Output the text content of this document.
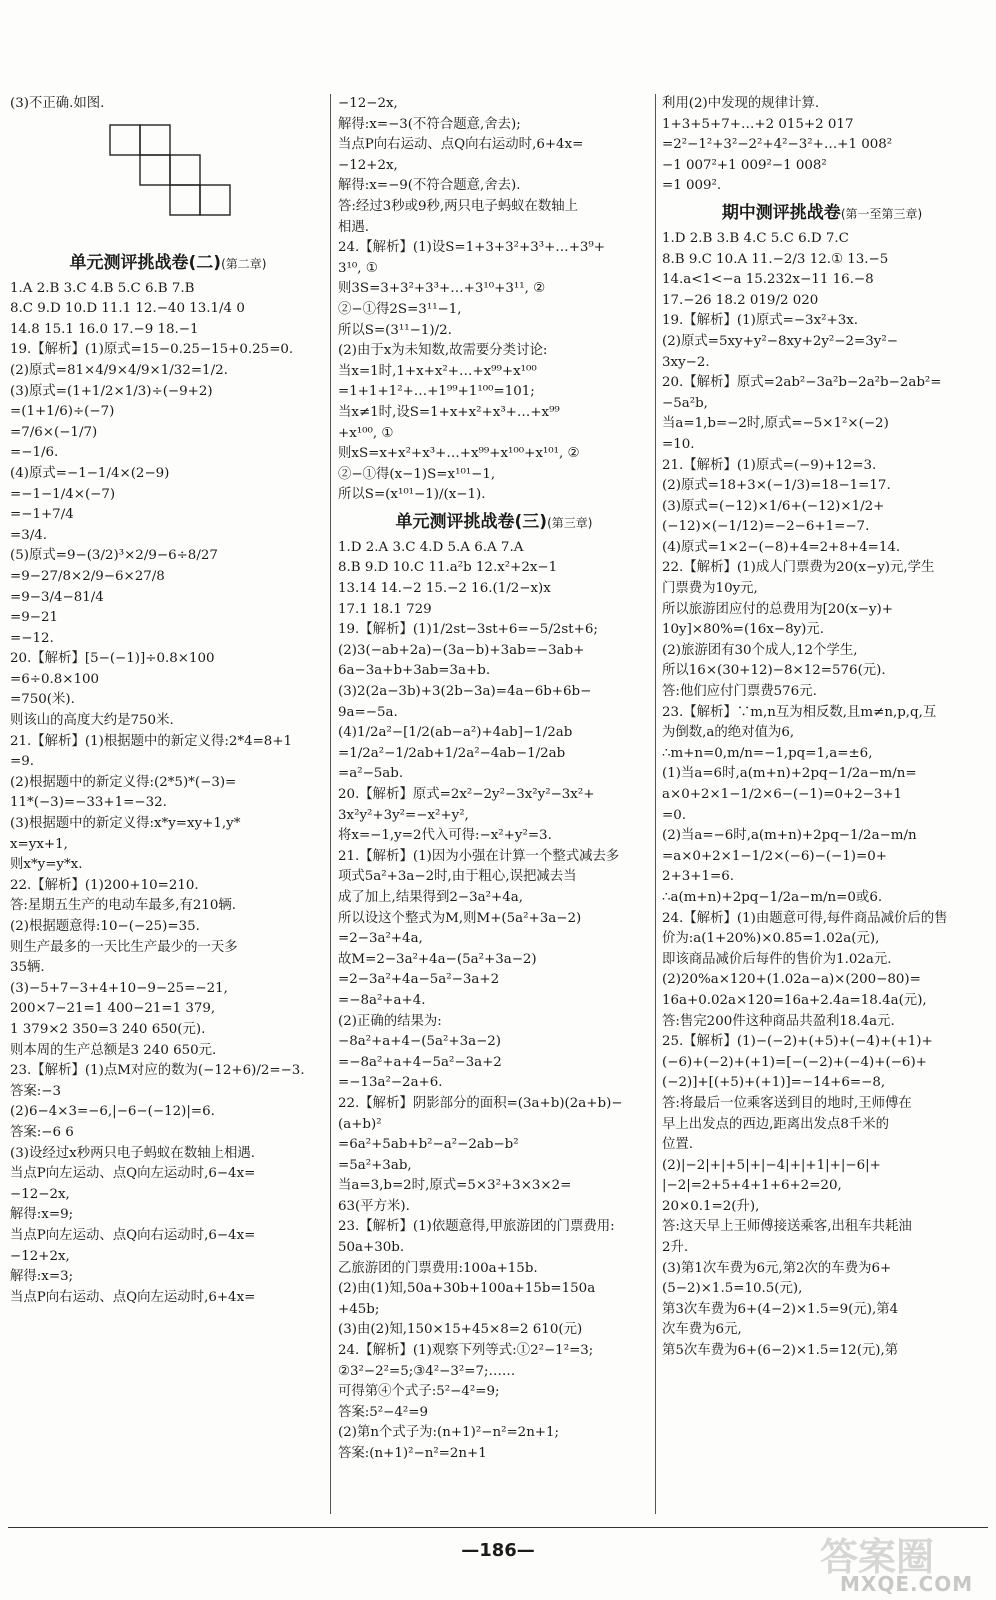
(3)不正确.如图.
单元测评挑战卷(二)(第二章)
1.A 2.B 3.C 4.B 5.C 6.B 7.B
8.C 9.D 10.D 11.1 12.−40 13.1/4 0
14.8 15.1 16.0 17.−9 18.−1
19.【解析】(1)原式=15−0.25−15+0.25=0.
(2)原式=81×4/9×4/9×1/32=1/2.
(3)原式=(1+1/2×1/3)÷(−9+2)
=(1+1/6)÷(−7)
=7/6×(−1/7)
=−1/6.
(4)原式=−1−1/4×(2−9)
=−1−1/4×(−7)
=−1+7/4
=3/4.
(5)原式=9−(3/2)³×2/9−6÷8/27
=9−27/8×2/9−6×27/8
=9−3/4−81/4
=9−21
=−12.
20.【解析】[5−(−1)]÷0.8×100
=6÷0.8×100
=750(米).
则该山的高度大约是750米.
21.【解析】(1)根据题中的新定义得:2*4=8+1
=9.
(2)根据题中的新定义得:(2*5)*(−3)=
11*(−3)=−33+1=−32.
(3)根据题中的新定义得:x*y=xy+1,y*
x=yx+1,
则x*y=y*x.
22.【解析】(1)200+10=210.
答:星期五生产的电动车最多,有210辆.
(2)根据题意得:10−(−25)=35.
则生产最多的一天比生产最少的一天多
35辆.
(3)−5+7−3+4+10−9−25=−21,
200×7−21=1 400−21=1 379,
1 379×2 350=3 240 650(元).
则本周的生产总额是3 240 650元.
23.【解析】(1)点M对应的数为(−12+6)/2=−3.
答案:−3
(2)6−4×3=−6,|−6−(−12)|=6.
答案:−6 6
(3)设经过x秒两只电子蚂蚁在数轴上相遇.
当点P向左运动、点Q向左运动时,6−4x=
−12−2x,
解得:x=9;
当点P向左运动、点Q向右运动时,6−4x=
−12+2x,
解得:x=3;
当点P向右运动、点Q向左运动时,6+4x=
−12−2x,
解得:x=−3(不符合题意,舍去);
当点P向右运动、点Q向右运动时,6+4x=
−12+2x,
解得:x=−9(不符合题意,舍去).
答:经过3秒或9秒,两只电子蚂蚁在数轴上
相遇.
24.【解析】(1)设S=1+3+3²+3³+…+3⁹+
3¹⁰, ①
则3S=3+3²+3³+…+3¹⁰+3¹¹, ②
②−①得2S=3¹¹−1,
所以S=(3¹¹−1)/2.
(2)由于x为未知数,故需要分类讨论:
当x=1时,1+x+x²+…+x⁹⁹+x¹⁰⁰
=1+1+1²+…+1⁹⁹+1¹⁰⁰=101;
当x≠1时,设S=1+x+x²+x³+…+x⁹⁹
+x¹⁰⁰, ①
则xS=x+x²+x³+…+x⁹⁹+x¹⁰⁰+x¹⁰¹, ②
②−①得(x−1)S=x¹⁰¹−1,
所以S=(x¹⁰¹−1)/(x−1).
单元测评挑战卷(三)(第三章)
1.D 2.A 3.C 4.D 5.A 6.A 7.A
8.B 9.D 10.C 11.a²b 12.x²+2x−1
13.14 14.−2 15.−2 16.(1/2−x)x
17.1 18.1 729
19.【解析】(1)1/2st−3st+6=−5/2st+6;
(2)3(−ab+2a)−(3a−b)+3ab=−3ab+
6a−3a+b+3ab=3a+b.
(3)2(2a−3b)+3(2b−3a)=4a−6b+6b−
9a=−5a.
(4)1/2a²−[1/2(ab−a²)+4ab]−1/2ab
=1/2a²−1/2ab+1/2a²−4ab−1/2ab
=a²−5ab.
20.【解析】原式=2x²−2y²−3x²y²−3x²+
3x²y²+3y²=−x²+y²,
将x=−1,y=2代入可得:−x²+y²=3.
21.【解析】(1)因为小强在计算一个整式减去多
项式5a²+3a−2时,由于粗心,误把减去当
成了加上,结果得到2−3a²+4a,
所以设这个整式为M,则M+(5a²+3a−2)
=2−3a²+4a,
故M=2−3a²+4a−(5a²+3a−2)
=2−3a²+4a−5a²−3a+2
=−8a²+a+4.
(2)正确的结果为:
−8a²+a+4−(5a²+3a−2)
=−8a²+a+4−5a²−3a+2
=−13a²−2a+6.
22.【解析】阴影部分的面积=(3a+b)(2a+b)−
(a+b)²
=6a²+5ab+b²−a²−2ab−b²
=5a²+3ab,
当a=3,b=2时,原式=5×3²+3×3×2=
63(平方米).
23.【解析】(1)依题意得,甲旅游团的门票费用:
50a+30b.
乙旅游团的门票费用:100a+15b.
(2)由(1)知,50a+30b+100a+15b=150a
+45b;
(3)由(2)知,150×15+45×8=2 610(元)
24.【解析】(1)观察下列等式:①2²−1²=3;
②3²−2²=5;③4²−3²=7;……
可得第④个式子:5²−4²=9;
答案:5²−4²=9
(2)第n个式子为:(n+1)²−n²=2n+1;
答案:(n+1)²−n²=2n+1
利用(2)中发现的规律计算.
1+3+5+7+…+2 015+2 017
=2²−1²+3²−2²+4²−3²+…+1 008²
−1 007²+1 009²−1 008²
=1 009².
期中测评挑战卷(第一至第三章)
1.D 2.B 3.B 4.C 5.C 6.D 7.C
8.B 9.C 10.A 11.−2/3 12.① 13.−5
14.a<1<−a 15.232x−11 16.−8
17.−26 18.2 019/2 020
19.【解析】(1)原式=−3x²+3x.
(2)原式=5xy+y²−8xy+2y²−2=3y²−
3xy−2.
20.【解析】原式=2ab²−3a²b−2a²b−2ab²=
−5a²b,
当a=1,b=−2时,原式=−5×1²×(−2)
=10.
21.【解析】(1)原式=(−9)+12=3.
(2)原式=18+3×(−1/3)=18−1=17.
(3)原式=(−12)×1/6+(−12)×1/2+
(−12)×(−1/12)=−2−6+1=−7.
(4)原式=1×2−(−8)+4=2+8+4=14.
22.【解析】(1)成人门票费为20(x−y)元,学生
门票费为10y元,
所以旅游团应付的总费用为[20(x−y)+
10y]×80%=(16x−8y)元.
(2)旅游团有30个成人,12个学生,
所以16×(30+12)−8×12=576(元).
答:他们应付门票费576元.
23.【解析】∵m,n互为相反数,且m≠n,p,q,互
为倒数,a的绝对值为6,
∴m+n=0,m/n=−1,pq=1,a=±6,
(1)当a=6时,a(m+n)+2pq−1/2a−m/n=
a×0+2×1−1/2×6−(−1)=0+2−3+1
=0.
(2)当a=−6时,a(m+n)+2pq−1/2a−m/n
=a×0+2×1−1/2×(−6)−(−1)=0+
2+3+1=6.
∴a(m+n)+2pq−1/2a−m/n=0或6.
24.【解析】(1)由题意可得,每件商品减价后的售
价为:a(1+20%)×0.85=1.02a(元),
即该商品减价后每件的售价为1.02a元.
(2)20%a×120+(1.02a−a)×(200−80)=
16a+0.02a×120=16a+2.4a=18.4a(元),
答:售完200件这种商品共盈利18.4a元.
25.【解析】(1)−(−2)+(+5)+(−4)+(+1)+
(−6)+(−2)+(+1)=[−(−2)+(−4)+(−6)+
(−2)]+[(+5)+(+1)]=−14+6=−8,
答:将最后一位乘客送到目的地时,王师傅在
早上出发点的西边,距离出发点8千米的
位置.
(2)|−2|+|+5|+|−4|+|+1|+|−6|+
|−2|=2+5+4+1+6+2=20,
20×0.1=2(升),
答:这天早上王师傅接送乘客,出租车共耗油
2升.
(3)第1次车费为6元,第2次的车费为6+
(5−2)×1.5=10.5(元),
第3次车费为6+(4−2)×1.5=9(元),第4
次车费为6元,
第5次车费为6+(6−2)×1.5=12(元),第
—186—	答案圈
MXQE.COM
